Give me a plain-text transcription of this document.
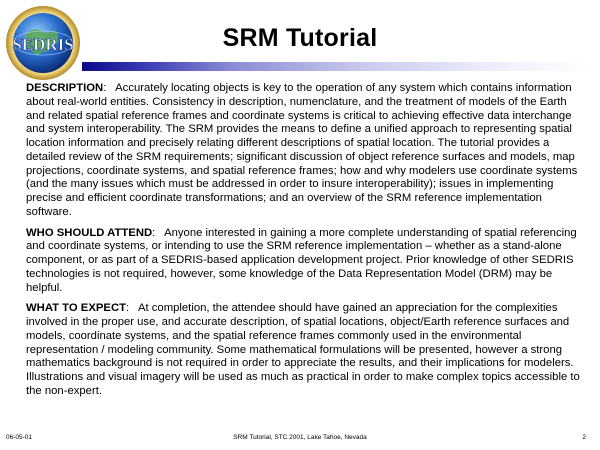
SEDRIS	SRM Tutorial

DESCRIPTION:   Accurately locating objects is key to the operation of any system which contains information about real-world entities. Consistency in description, numenclature, and the treatment of models of the Earth and related spatial reference frames and coordinate systems is critical to achieving effective data interchange and system interoperability. The SRM provides the means to define a unified approach to representing spatial location information and precisely relating different descriptions of spatial location. The tutorial provides a detailed review of the SRM requirements; significant discussion of object reference surfaces and models, map projections, coordinate systems, and spatial reference frames; how and why modelers use coordinate systems (and the many issues which must be addressed in order to insure interoperability); issues in implementing precise and efficient coordinate transformations; and an overview of the SRM reference implementation software.

WHO SHOULD ATTEND:   Anyone interested in gaining a more complete understanding of spatial referencing and coordinate systems, or intending to use the SRM reference implementation – whether as a stand-alone component, or as part of a SEDRIS-based application development project. Prior knowledge of other SEDRIS technologies is not required, however, some knowledge of the Data Representation Model (DRM) may be helpful.

WHAT TO EXPECT:   At completion, the attendee should have gained an appreciation for the complexities involved in the proper use, and accurate description, of spatial locations, object/Earth reference surfaces and models, coordinate systems, and the spatial reference frames commonly used in the environmental representation / modeling community. Some mathematical formulations will be presented, however a strong mathematics background is not required in order to appreciate the results, and their implications for modelers. Illustrations and visual imagery will be used as much as practical in order to make complex topics accessible to the non-expert.

06-05-01	SRM Tutorial, STC 2001, Lake Tahoe, Nevada	2
